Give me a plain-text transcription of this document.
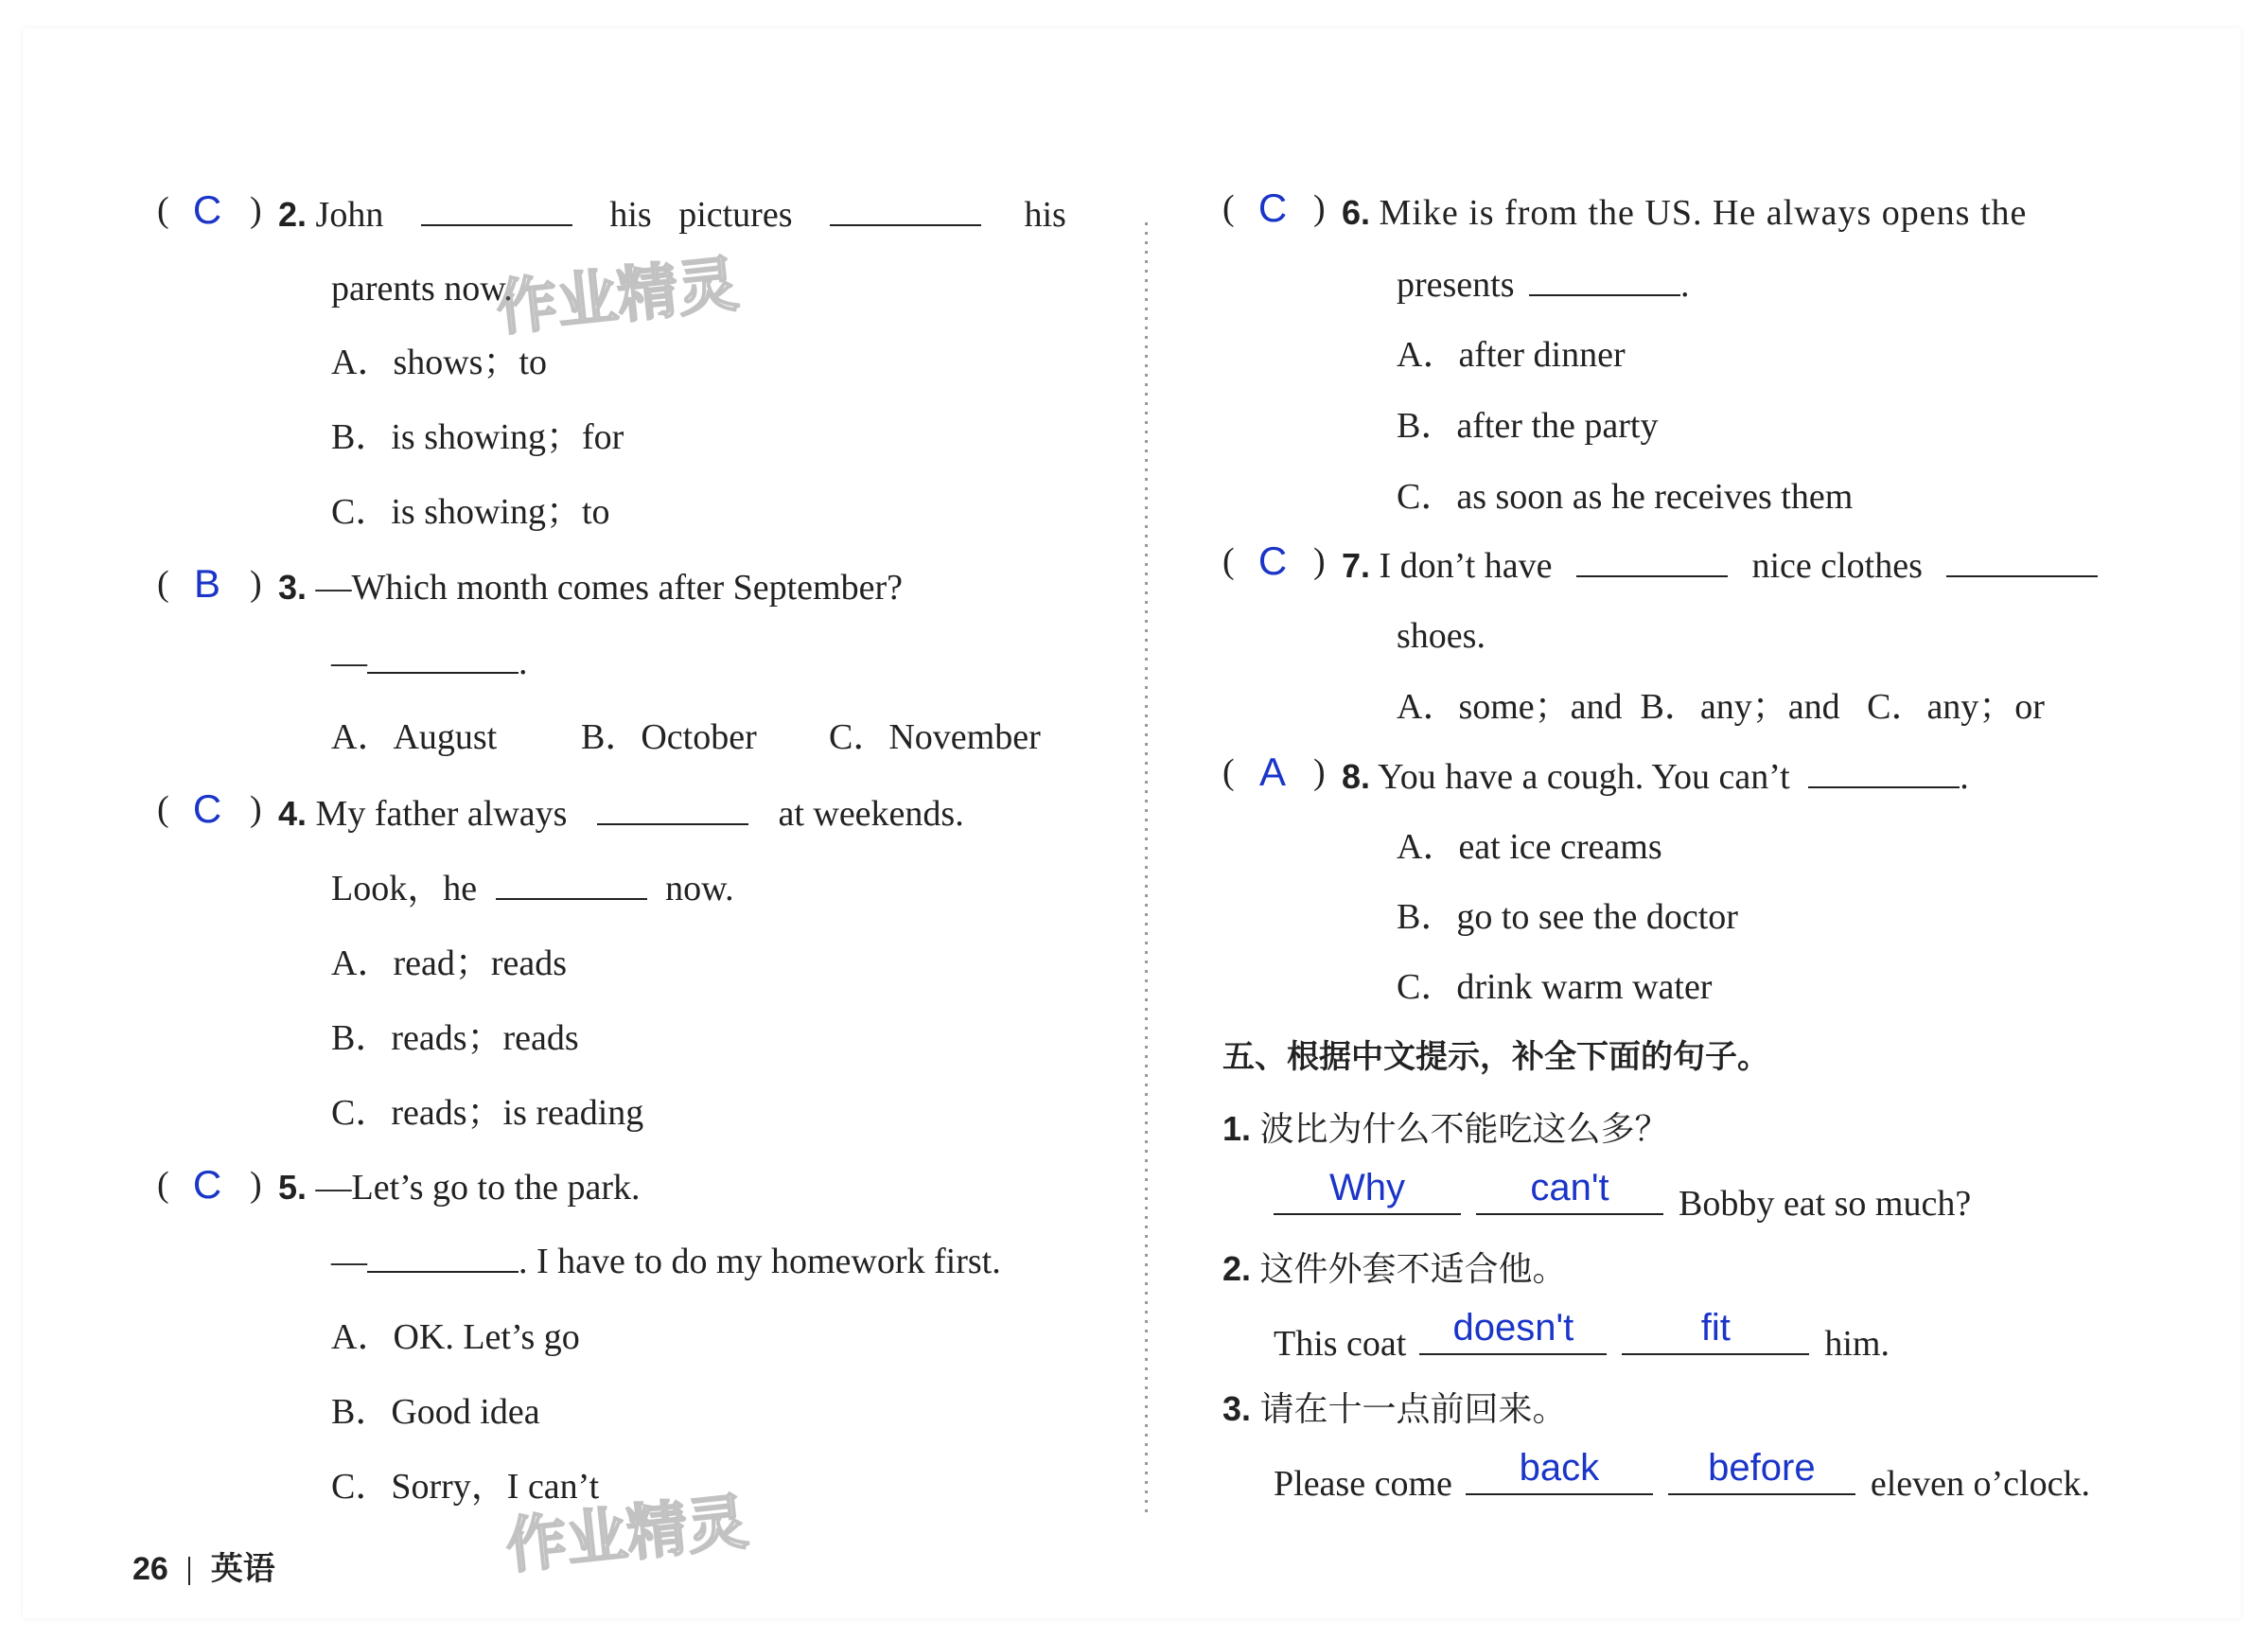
( C ) 2. John	his pictures	his
parents now.
A．shows；to
B．is showing；for
C．is showing；to
( B ) 3. —Which month comes after September?
—	.
A．August B．October C．November
( C ) 4. My father always	at weekends.
Look，he	now.
A．read；reads
B．reads；reads
C．reads；is reading
( C ) 5. —Let’s go to the park.
—	. I have to do my homework first.
A．OK. Let’s go
B．Good idea
C．Sorry，I can’t
( C ) 6. Mike is from the US. He always opens the
presents	.
A．after dinner
B．after the party
C．as soon as he receives them
( C ) 7. I don’t have	nice clothes
shoes.
A．some；and  B．any；and   C．any；or
( A ) 8. You have a cough. You can’t	.
A．eat ice creams
B．go to see the doctor
C．drink warm water
五、根据中文提示，补全下面的句子。
1. 波比为什么不能吃这么多？
Why	can't	Bobby eat so much?
2. 这件外套不适合他。
This coat	doesn't	fit	him.
3. 请在十一点前回来。
Please come	back	before	eleven o’clock.
26 英语
作业精灵
作业精灵
